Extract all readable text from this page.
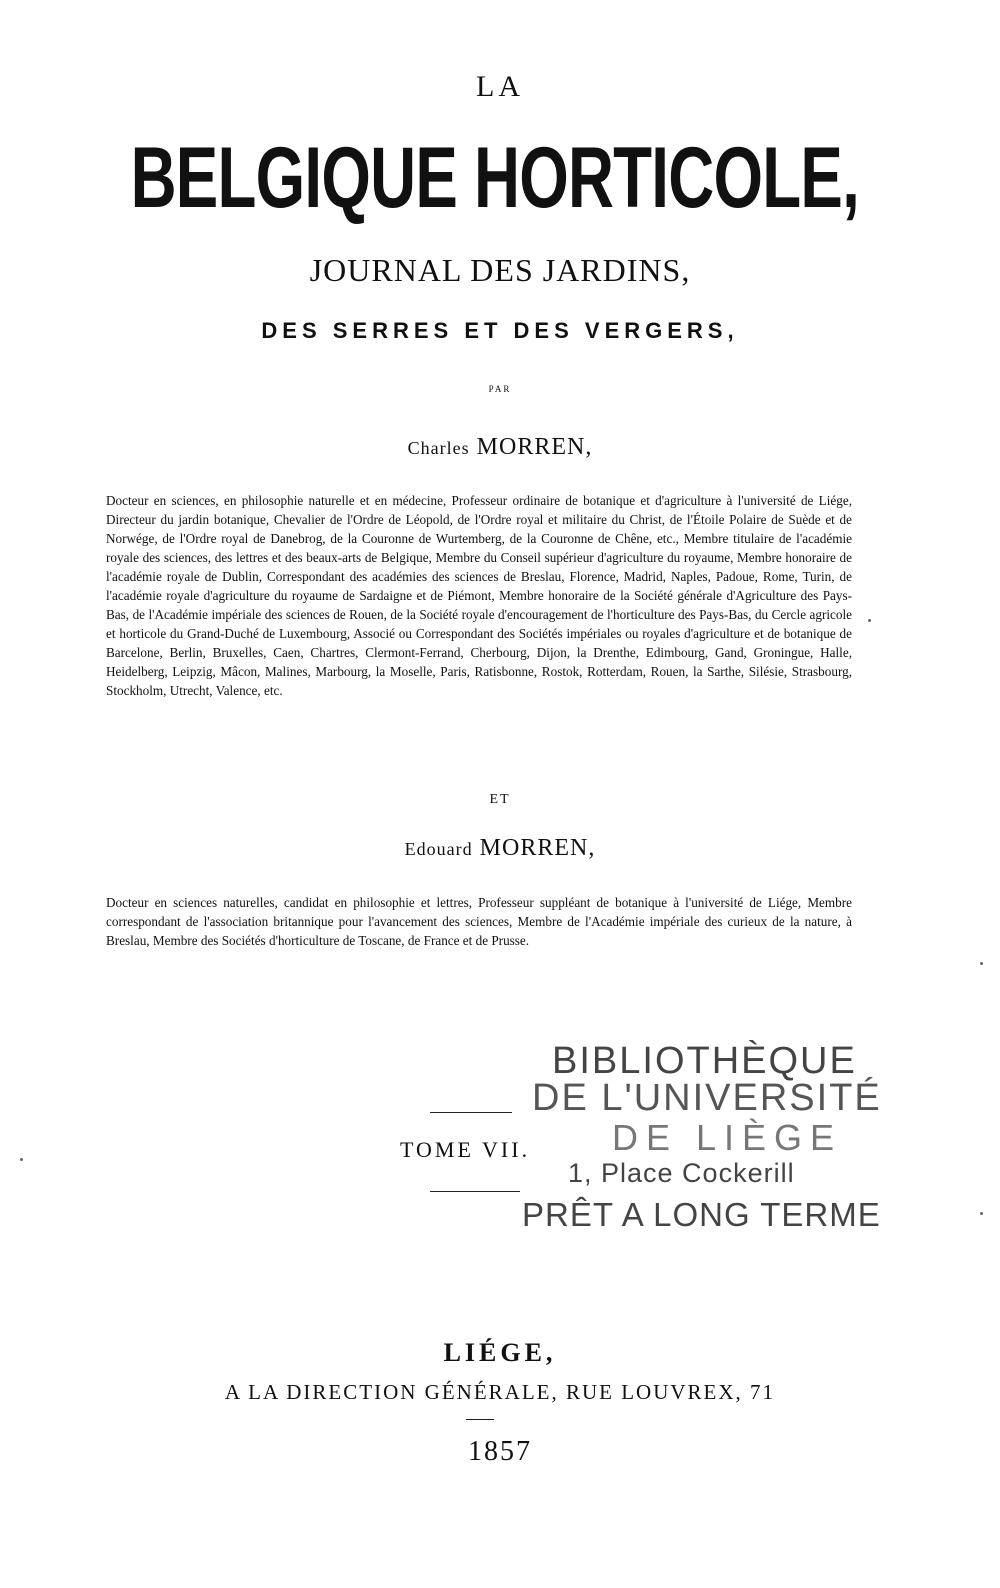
LA
BELGIQUE HORTICOLE,
JOURNAL DES JARDINS,
DES SERRES ET DES VERGERS,
PAR
Charles MORREN,
Docteur en sciences, en philosophie naturelle et en médecine, Professeur ordinaire de botanique et d'agriculture à l'université de Liége, Directeur du jardin botanique, Chevalier de l'Ordre de Léopold, de l'Ordre royal et militaire du Christ, de l'Étoile Polaire de Suède et de Norwége, de l'Ordre royal de Danebrog, de la Couronne de Wurtemberg, de la Couronne de Chêne, etc., Membre titulaire de l'académie royale des sciences, des lettres et des beaux-arts de Belgique, Membre du Conseil supérieur d'agriculture du royaume, Membre honoraire de l'académie royale de Dublin, Correspondant des académies des sciences de Breslau, Florence, Madrid, Naples, Padoue, Rome, Turin, de l'académie royale d'agriculture du royaume de Sardaigne et de Piémont, Membre honoraire de la Société générale d'Agriculture des Pays-Bas, de l'Académie impériale des sciences de Rouen, de la Société royale d'encouragement de l'horticulture des Pays-Bas, du Cercle agricole et horticole du Grand-Duché de Luxembourg, Associé ou Correspondant des Sociétés impériales ou royales d'agriculture et de botanique de Barcelone, Berlin, Bruxelles, Caen, Chartres, Clermont-Ferrand, Cherbourg, Dijon, la Drenthe, Edimbourg, Gand, Groningue, Halle, Heidelberg, Leipzig, Mâcon, Malines, Marbourg, la Moselle, Paris, Ratisbonne, Rostok, Rotterdam, Rouen, la Sarthe, Silésie, Strasbourg, Stockholm, Utrecht, Valence, etc.
ET
Edouard MORREN,
Docteur en sciences naturelles, candidat en philosophie et lettres, Professeur suppléant de botanique à l'université de Liége, Membre correspondant de l'association britannique pour l'avancement des sciences, Membre de l'Académie impériale des curieux de la nature, à Breslau, Membre des Sociétés d'horticulture de Toscane, de France et de Prusse.
TOME VII.
BIBLIOTHÈQUE
DE L'UNIVERSITÉ
DE LIÈGE
1, Place Cockerill
PRÊT A LONG TERME
LIÉGE,
A LA DIRECTION GÉNÉRALE, RUE LOUVREX, 71
1857
